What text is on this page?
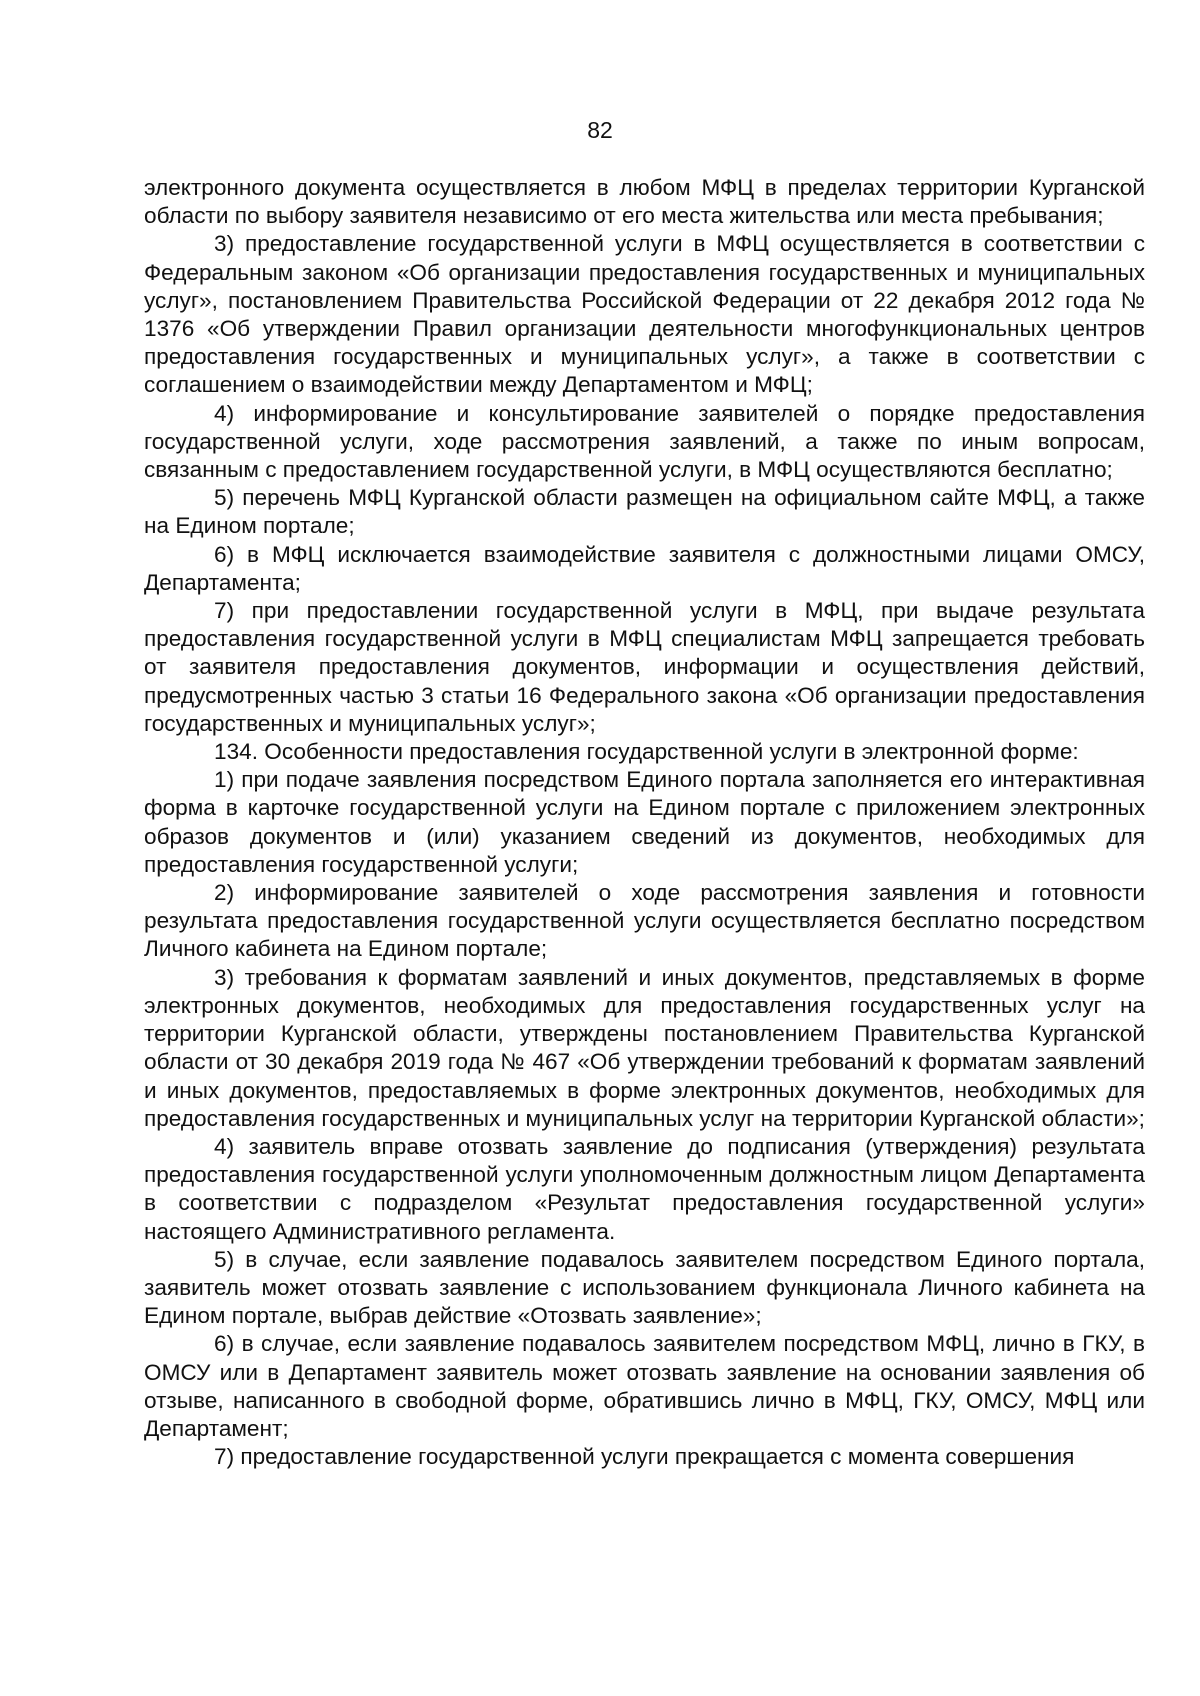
82

электронного документа осуществляется в любом МФЦ в пределах территории Курганской области по выбору заявителя независимо от его места жительства или места пребывания;

3) предоставление государственной услуги в МФЦ осуществляется в соответствии с Федеральным законом «Об организации предоставления государственных и муниципальных услуг», постановлением Правительства Российской Федерации от 22 декабря 2012 года № 1376 «Об утверждении Правил организации деятельности многофункциональных центров предоставления государственных и муниципальных услуг», а также в соответствии с соглашением о взаимодействии между Департаментом и МФЦ;

4) информирование и консультирование заявителей о порядке предоставления государственной услуги, ходе рассмотрения заявлений, а также по иным вопросам, связанным с предоставлением государственной услуги, в МФЦ осуществляются бесплатно;

5) перечень МФЦ Курганской области размещен на официальном сайте МФЦ, а также на Едином портале;

6) в МФЦ исключается взаимодействие заявителя с должностными лицами ОМСУ, Департамента;

7) при предоставлении государственной услуги в МФЦ, при выдаче результата предоставления государственной услуги в МФЦ специалистам МФЦ запрещается требовать от заявителя предоставления документов, информации и осуществления действий, предусмотренных частью 3 статьи 16 Федерального закона «Об организации предоставления государственных и муниципальных услуг»;

134. Особенности предоставления государственной услуги в электронной форме:

1) при подаче заявления посредством Единого портала заполняется его интерактивная форма в карточке государственной услуги на Едином портале с приложением электронных образов документов и (или) указанием сведений из документов, необходимых для предоставления государственной услуги;

2) информирование заявителей о ходе рассмотрения заявления и готовности результата предоставления государственной услуги осуществляется бесплатно посредством Личного кабинета на Едином портале;

3) требования к форматам заявлений и иных документов, представляемых в форме электронных документов, необходимых для предоставления государственных услуг на территории Курганской области, утверждены постановлением Правительства Курганской области от 30 декабря 2019 года № 467 «Об утверждении требований к форматам заявлений и иных документов, предоставляемых в форме электронных документов, необходимых для предоставления государственных и муниципальных услуг на территории Курганской области»;

4) заявитель вправе отозвать заявление до подписания (утверждения) результата предоставления государственной услуги уполномоченным должностным лицом Департамента в соответствии с подразделом «Результат предоставления государственной услуги» настоящего Административного регламента.

5) в случае, если заявление подавалось заявителем посредством Единого портала, заявитель может отозвать заявление с использованием функционала Личного кабинета на Едином портале, выбрав действие «Отозвать заявление»;

6) в случае, если заявление подавалось заявителем посредством МФЦ, лично в ГКУ, в ОМСУ или в Департамент заявитель может отозвать заявление на основании заявления об отзыве, написанного в свободной форме, обратившись лично в МФЦ, ГКУ, ОМСУ, МФЦ или Департамент;

7) предоставление государственной услуги прекращается с момента совершения
